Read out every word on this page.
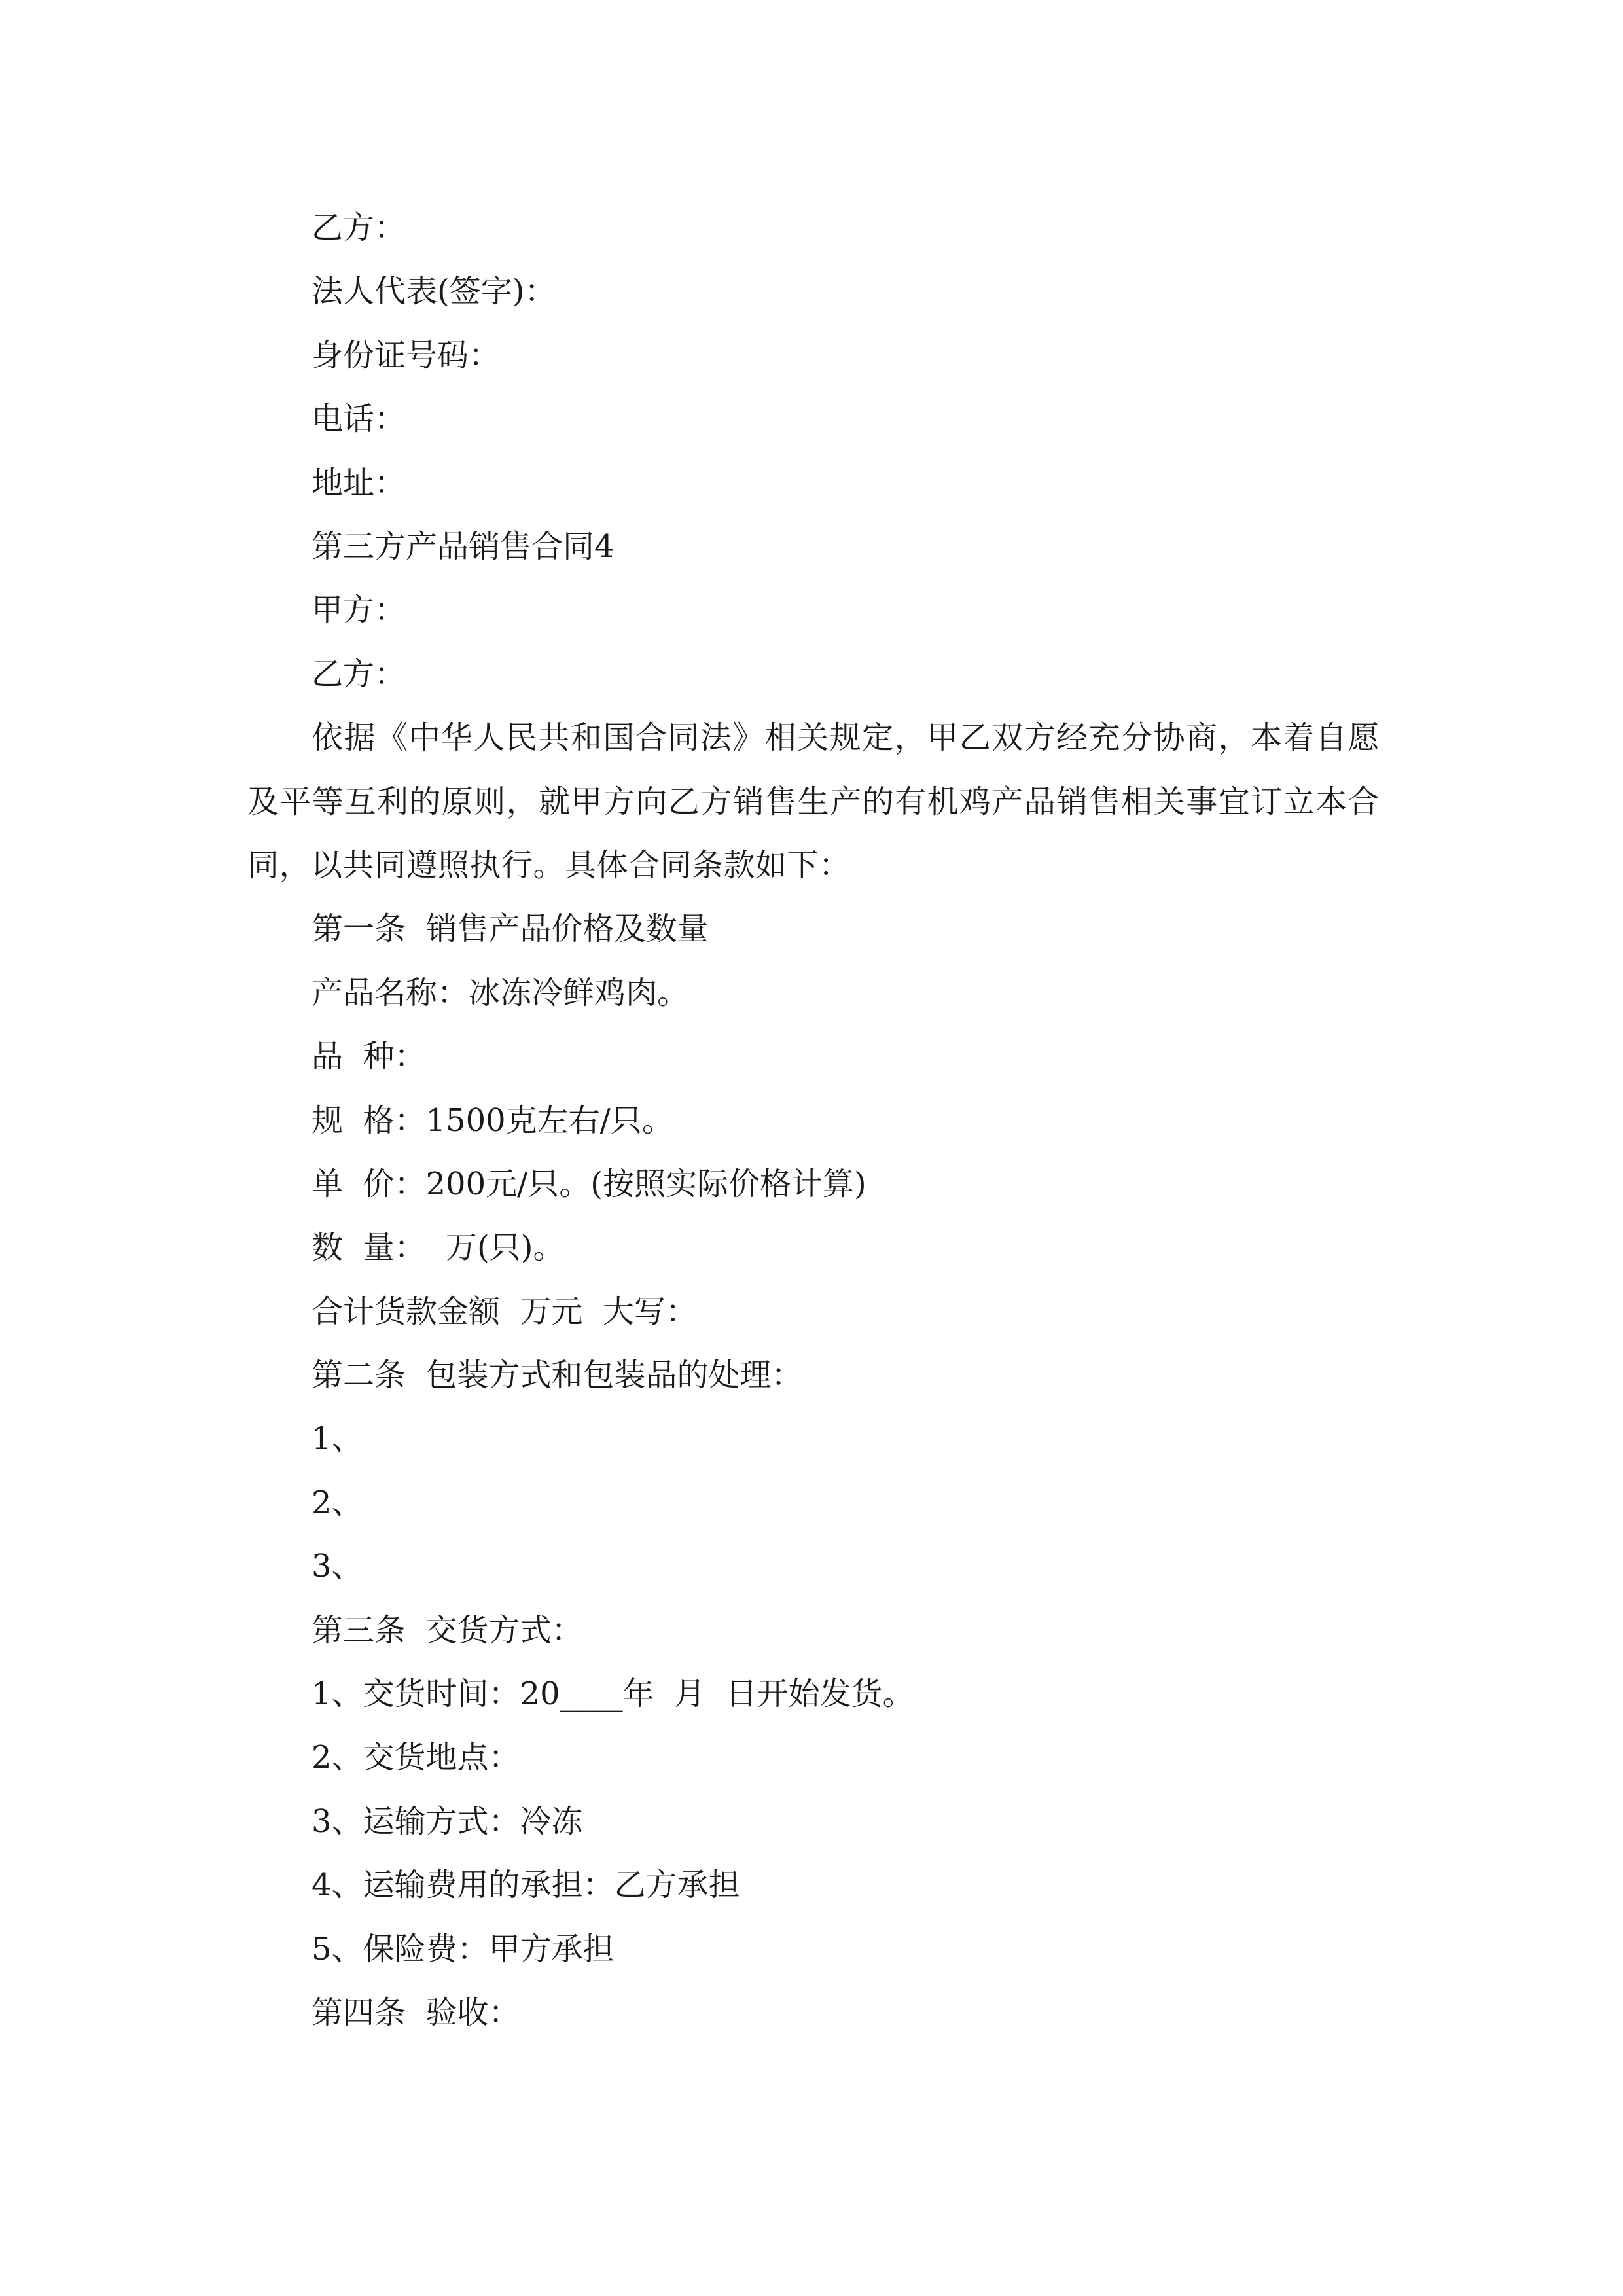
乙方：
法人代表(签字)：
身份证号码：
电话：
地址：
第三方产品销售合同4
甲方：
乙方：
依据《中华人民共和国合同法》相关规定，甲乙双方经充分协商，本着自愿及平等互利的原则，就甲方向乙方销售生产的有机鸡产品销售相关事宜订立本合同，以共同遵照执行。具体合同条款如下：
第一条  销售产品价格及数量
产品名称：冰冻冷鲜鸡肉。
品  种：
规  格：1500克左右/只。
单  价：200元/只。(按照实际价格计算)
数  量：  万(只)。
合计货款金额  万元  大写：
第二条  包装方式和包装品的处理：
1、
2、
3、
第三条  交货方式：
1、交货时间：20____年  月  日开始发货。
2、交货地点：
3、运输方式：冷冻
4、运输费用的承担：乙方承担
5、保险费：甲方承担
第四条  验收：
